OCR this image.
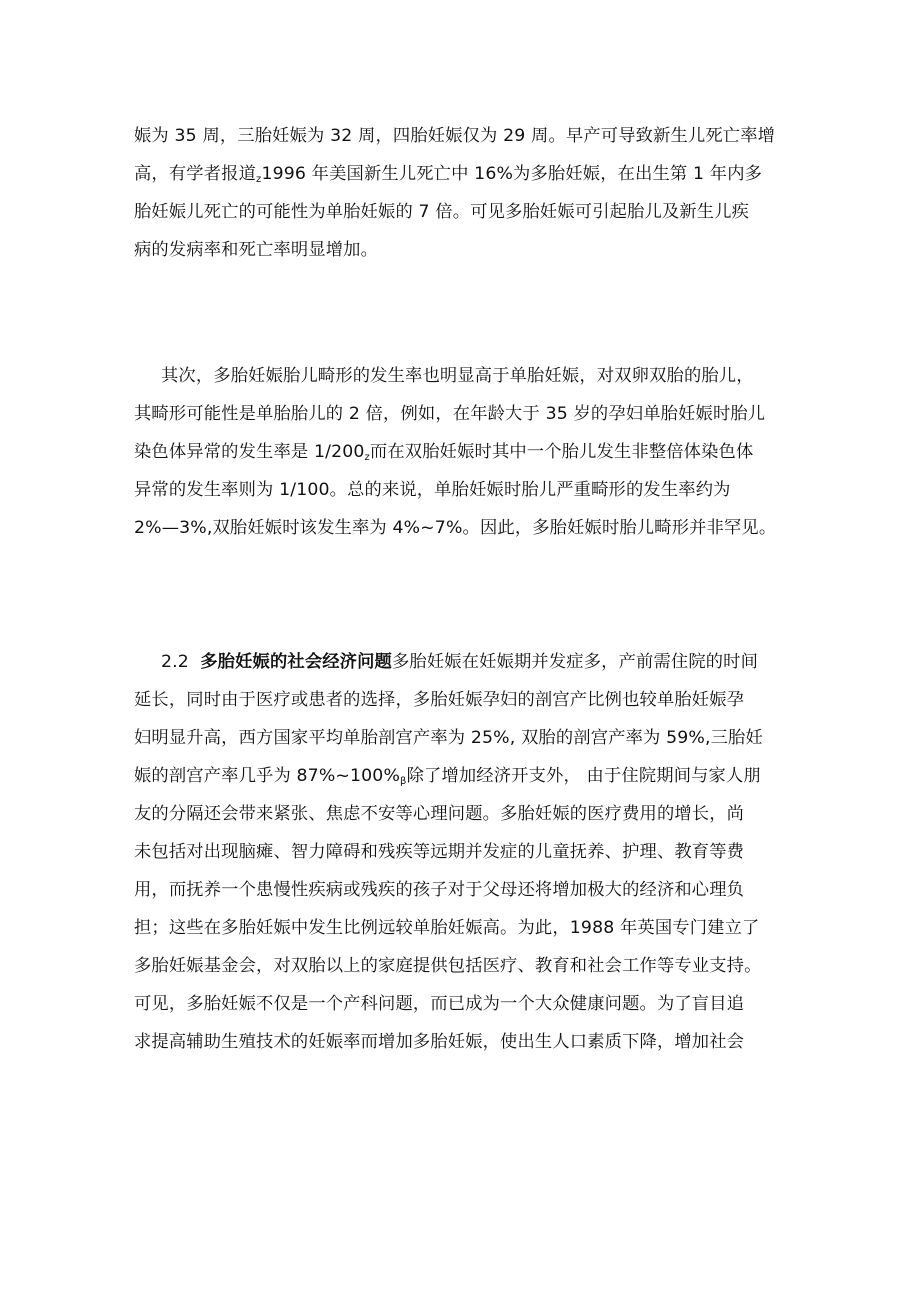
娠为 35 周，三胎妊娠为 32 周，四胎妊娠仅为 29 周。早产可导致新生儿死亡率增
高，有学者报道$_z$1996 年美国新生儿死亡中 16%为多胎妊娠，在出生第 1 年内多
胎妊娠儿死亡的可能性为单胎妊娠的 7 倍。可见多胎妊娠可引起胎儿及新生儿疾
病的发病率和死亡率明显增加。
其次，多胎妊娠胎儿畸形的发生率也明显高于单胎妊娠，对双卵双胎的胎儿，
其畸形可能性是单胎胎儿的 2 倍，例如，在年龄大于 35 岁的孕妇单胎妊娠时胎儿
染色体异常的发生率是 $1/200_z$而在双胎妊娠时其中一个胎儿发生非整倍体染色体
异常的发生率则为 1/100。总的来说，单胎妊娠时胎儿严重畸形的发生率约为
2%—3%,双胎妊娠时该发生率为 4%~7%。因此，多胎妊娠时胎儿畸形并非罕见。
2.2 多胎妊娠的社会经济问题多胎妊娠在妊娠期并发症多，产前需住院的时间
延长，同时由于医疗或患者的选择，多胎妊娠孕妇的剖宫产比例也较单胎妊娠孕
妇明显升高，西方国家平均单胎剖宫产率为 25%, 双胎的剖宫产率为 59%,三胎妊
娠的剖宫产率几乎为 $87\%\sim 100\%_\beta$除了增加经济开支外， 由于住院期间与家人朋
友的分隔还会带来紧张、焦虑不安等心理问题。多胎妊娠的医疗费用的增长，尚
未包括对出现脑瘫、智力障碍和残疾等远期并发症的儿童抚养、护理、教育等费
用，而抚养一个患慢性疾病或残疾的孩子对于父母还将增加极大的经济和心理负
担；这些在多胎妊娠中发生比例远较单胎妊娠高。为此，1988 年英国专门建立了
多胎妊娠基金会，对双胎以上的家庭提供包括医疗、教育和社会工作等专业支持。
可见，多胎妊娠不仅是一个产科问题，而已成为一个大众健康问题。为了盲目追
求提高辅助生殖技术的妊娠率而增加多胎妊娠，使出生人口素质下降，增加社会
